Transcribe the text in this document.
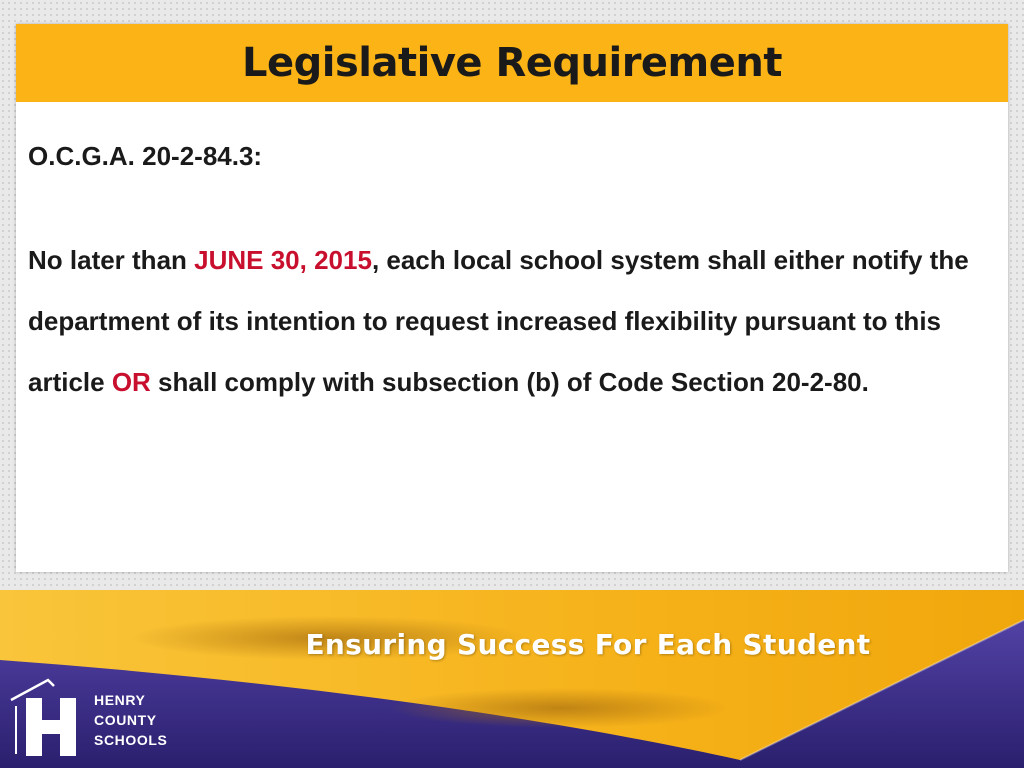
Legislative Requirement

O.C.G.A. 20-2-84.3:

No later than JUNE 30, 2015, each local school system shall either notify the department of its intention to request increased flexibility pursuant to this article OR shall comply with subsection (b) of Code Section 20-2-80.

Ensuring Success For Each Student
HENRY
COUNTY
SCHOOLS
